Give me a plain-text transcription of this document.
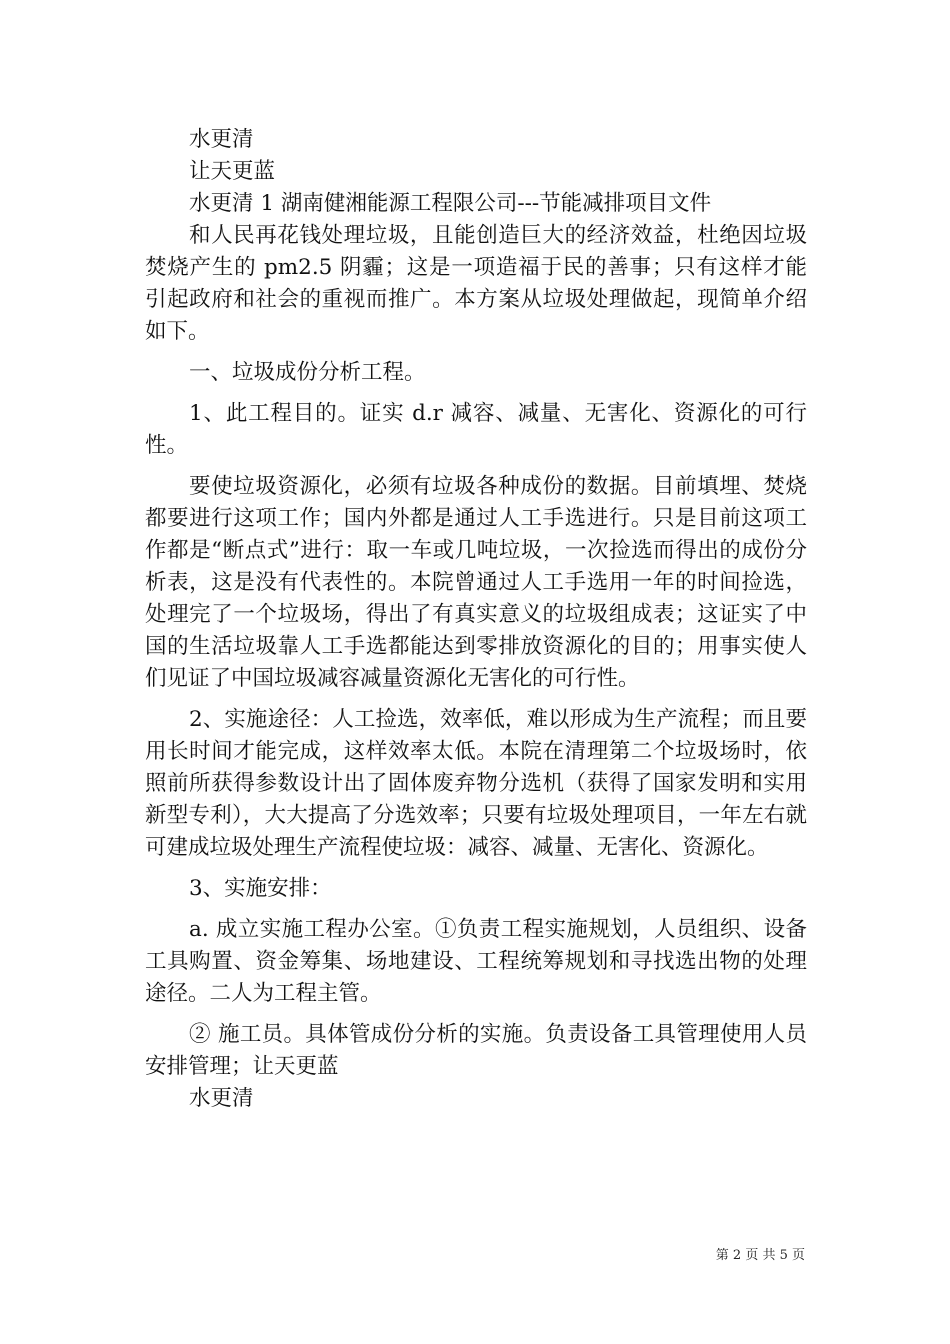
水更清

让天更蓝

水更清 1 湖南健湘能源工程限公司---节能减排项目文件

和人民再花钱处理垃圾，且能创造巨大的经济效益，杜绝因垃圾焚烧产生的 pm2.5 阴霾；这是一项造福于民的善事；只有这样才能引起政府和社会的重视而推广。本方案从垃圾处理做起，现简单介绍如下。

一、垃圾成份分析工程。

1、此工程目的。证实 d.r 减容、减量、无害化、资源化的可行性。

要使垃圾资源化，必须有垃圾各种成份的数据。目前填埋、焚烧都要进行这项工作；国内外都是通过人工手选进行。只是目前这项工作都是“断点式”进行：取一车或几吨垃圾，一次捡选而得出的成份分析表，这是没有代表性的。本院曾通过人工手选用一年的时间捡选，处理完了一个垃圾场，得出了有真实意义的垃圾组成表；这证实了中国的生活垃圾靠人工手选都能达到零排放资源化的目的；用事实使人们见证了中国垃圾减容减量资源化无害化的可行性。

2、实施途径：人工捡选，效率低，难以形成为生产流程；而且要用长时间才能完成，这样效率太低。本院在清理第二个垃圾场时，依照前所获得参数设计出了固体废弃物分选机（获得了国家发明和实用新型专利），大大提高了分选效率；只要有垃圾处理项目，一年左右就可建成垃圾处理生产流程使垃圾：减容、减量、无害化、资源化。

3、实施安排：

a. 成立实施工程办公室。①负责工程实施规划，人员组织、设备工具购置、资金筹集、场地建设、工程统筹规划和寻找选出物的处理途径。二人为工程主管。

② 施工员。具体管成份分析的实施。负责设备工具管理使用人员安排管理；让天更蓝

水更清

第 2 页 共 5 页
